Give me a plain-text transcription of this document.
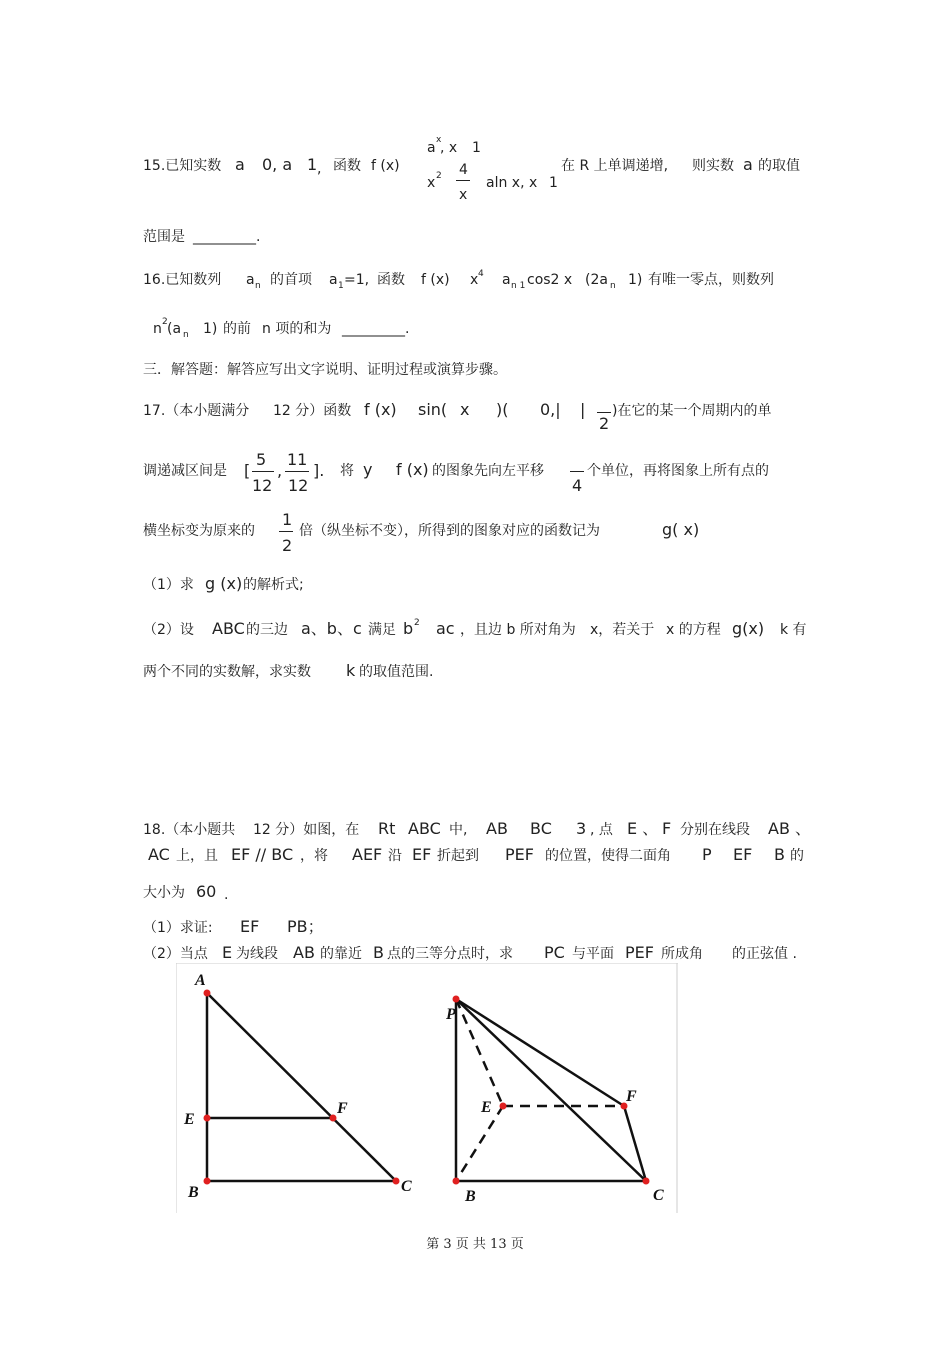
15.已知实数 a 0, a 1 , 函数 f (x)
a x
, x 1
x 2 4
x
aln x, x 1
在 R 上单调递增, 则实数 a 的取值
范围是 _________.
16.已知数列 a n 的首项 a 1 =1, 函数 f (x) x 4 a n 1 cos2 x (2a n 1) 有唯一零点，则数列
n 2 (a n 1) 的前 n 项的和为 _________.
三．解答题：解答应写出文字说明、证明过程或演算步骤。
17.（本小题满分 12 分）函数 f (x) sin( x )( 0,| |
2
)在它的某一个周期内的单
调递减区间是 [
5
12
,
11
12
]. 将 y f (x) 的图象先向左平移
4
个单位，再将图象上所有点的
横坐标变为原来的
1
2
倍（纵坐标不变），所得到的图象对应的函数记为	g( x)
（1）求 g (x) 的解析式;
（2）设 ABC 的三边 a、b、c 满足 b 2 ac ，且边 b 所对角为 x，若关于 x 的方程 g(x) k 有
两个不同的实数解，求实数 k 的取值范围.
18.（本小题共 12 分）如图，在 Rt ABC 中, AB BC 3 , 点 E 、 F 分别在线段 AB 、
AC 上，且 EF // BC ，将 AEF 沿 EF 折起到 PEF 的位置，使得二面角 P EF B 的
大小为 60 .
（1）求证: EF PB；
（2）当点 E 为线段 AB 的靠近 B 点的三等分点时，求 PC 与平面 PEF 所成角 的正弦值 .
A
E
F
B	C
P
E
F
B	C
第 3 页 共 13 页
